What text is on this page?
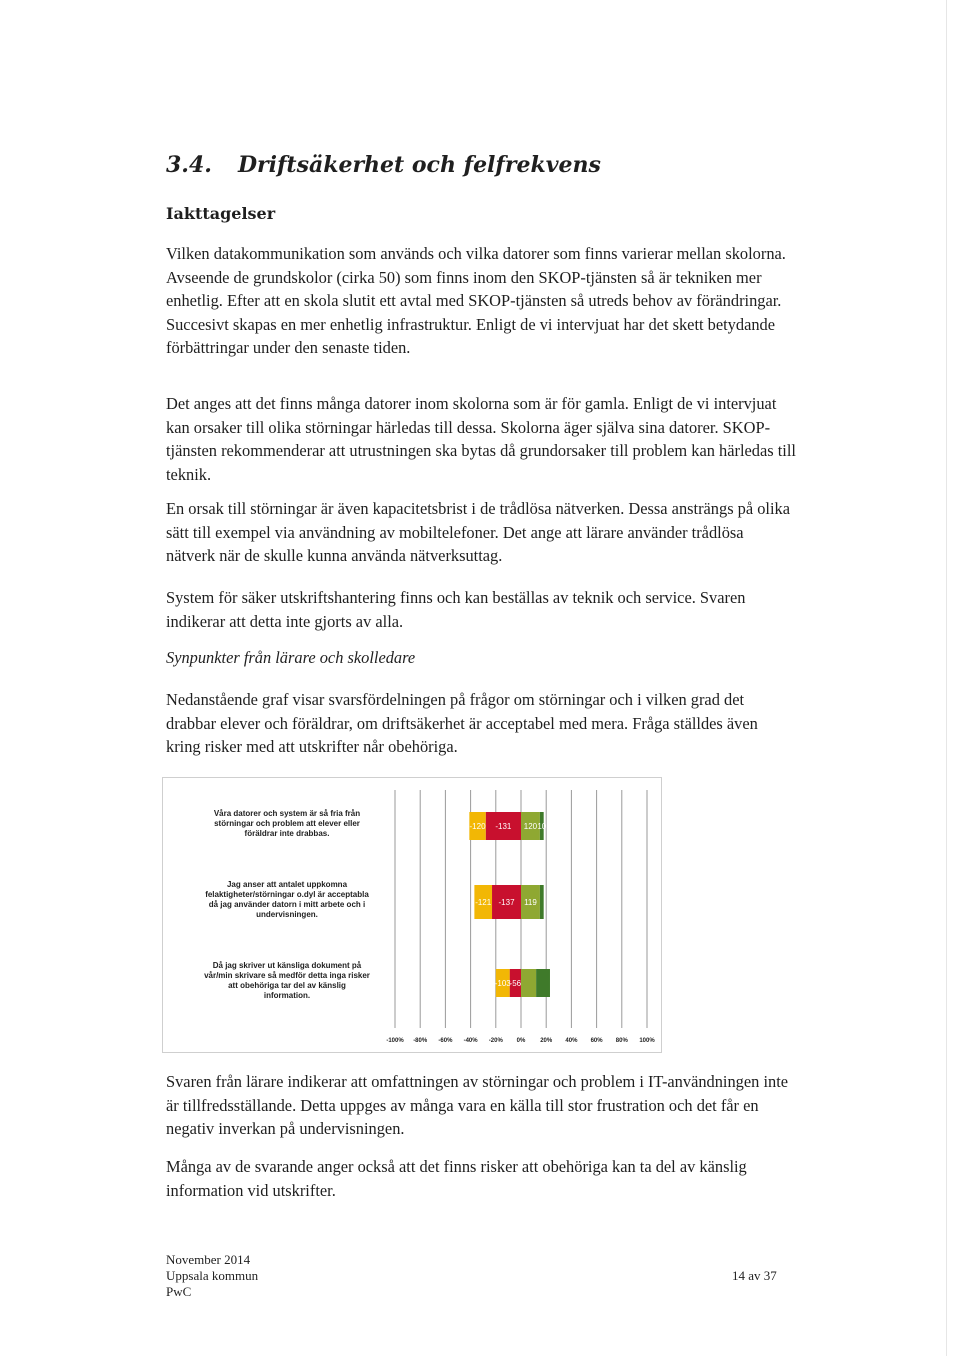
3.4. Driftsäkerhet och felfrekvens
Iakttagelser
Vilken datakommunikation som används och vilka datorer som finns varierar mellan skolorna. Avseende de grundskolor (cirka 50) som finns inom den SKOP-tjänsten så är tekniken mer enhetlig. Efter att en skola slutit ett avtal med SKOP-tjänsten så utreds behov av förändringar. Succesivt skapas en mer enhetlig infrastruktur. Enligt de vi intervjuat har det skett betydande förbättringar under den senaste tiden.
Det anges att det finns många datorer inom skolorna som är för gamla. Enligt de vi intervjuat kan orsaker till olika störningar härledas till dessa. Skolorna äger själva sina datorer. SKOP-tjänsten rekommenderar att utrustningen ska bytas då grundorsaker till problem kan härledas till teknik.
En orsak till störningar är även kapacitetsbrist i de trådlösa nätverken. Dessa ansträngs på olika sätt till exempel via användning av mobiltelefoner. Det ange att lärare använder trådlösa nätverk när de skulle kunna använda nätverksuttag.
System för säker utskriftshantering finns och kan beställas av teknik och service. Svaren indikerar att detta inte gjorts av alla.
Synpunkter från lärare och skolledare
Nedanstående graf visar svarsfördelningen på frågor om störningar och i vilken grad det drabbar elever och föräldrar, om driftsäkerhet är acceptabel med mera. Fråga ställdes även kring risker med att utskrifter når obehöriga.
-100% -80% -60% -40% -20% 0% 20% 40% 60% 80% 100%
Våra datorer och system är så fria från störningar och problem att elever eller föräldrar inte drabbas.
Jag anser att antalet uppkomna felaktigheter/störningar o.dyl är acceptabla då jag använder datorn i mitt arbete och i undervisningen.
Då jag skriver ut känsliga dokument på vår/min skrivare så medför detta inga risker att obehöriga tar del av känslig information.
-131
-120	120 10
-137
-121	119
-56
-103
Svaren från lärare indikerar att omfattningen av störningar och problem i IT-användningen inte är tillfredsställande. Detta uppges av många vara en källa till stor frustration och det får en negativ inverkan på undervisningen.
Många av de svarande anger också att det finns risker att obehöriga kan ta del av känslig information vid utskrifter.
November 2014
Uppsala kommun
PwC
14 av 37
